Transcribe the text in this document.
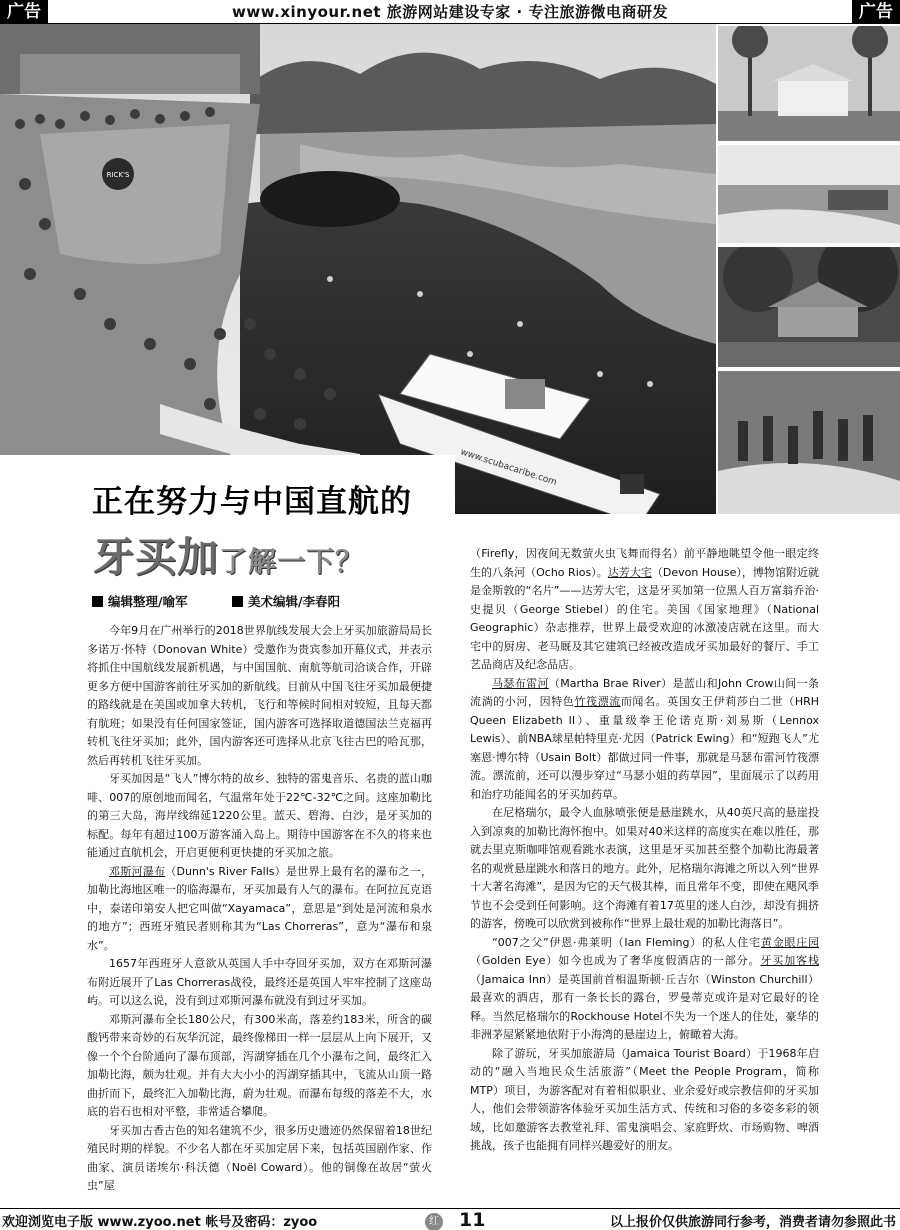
广告	www.xinyour.net 旅游网站建设专家 · 专注旅游微电商研发	广告
RICK'S
www.scubacaribe.com
正在努力与中国直航的
牙买加了解一下？
编辑整理/喻军	美术编辑/李春阳

今年9月在广州举行的2018世界航线发展大会上牙买加旅游局局长多诺万·怀特（Donovan White）受邀作为贵宾参加开幕仪式，并表示将抓住中国航线发展新机遇，与中国国航、南航等航司洽谈合作，开辟更多方便中国游客前往牙买加的新航线。目前从中国飞往牙买加最便捷的路线就是在美国或加拿大转机，飞行和等候时间相对较短，且每天都有航班；如果没有任何国家签证，国内游客可选择取道德国法兰克福再转机飞往牙买加；此外，国内游客还可选择从北京飞往古巴的哈瓦那，然后再转机飞往牙买加。

牙买加因是“飞人”博尔特的故乡、独特的雷鬼音乐、名贵的蓝山咖啡、007的原创地而闻名，气温常年处于22℃-32℃之间。这座加勒比的第三大岛，海岸线绵延1220公里。蓝天、碧海、白沙，是牙买加的标配。每年有超过100万游客涌入岛上。期待中国游客在不久的将来也能通过直航机会，开启更便利更快捷的牙买加之旅。

邓斯河瀑布（Dunn's River Falls）是世界上最有名的瀑布之一，加勒比海地区唯一的临海瀑布，牙买加最有人气的瀑布。在阿拉瓦克语中，泰诺印第安人把它叫做“Xayamaca”，意思是“到处是河流和泉水的地方”；西班牙殖民者则称其为“Las Chorreras”，意为“瀑布和泉水”。

1657年西班牙人意欲从英国人手中夺回牙买加，双方在邓斯河瀑布附近展开了Las Chorreras战役，最终还是英国人牢牢控制了这座岛屿。可以这么说，没有到过邓斯河瀑布就没有到过牙买加。

邓斯河瀑布全长180公尺，有300米高，落差约183米，所含的碳酸钙带来奇妙的石灰华沉淀，最终像梯田一样一层层从上向下展开，又像一个个台阶通向了瀑布顶部，泻湖穿插在几个小瀑布之间，最终汇入加勒比海，颇为壮观。并有大大小小的泻湖穿插其中，飞流从山顶一路曲折而下，最终汇入加勒比海，蔚为壮观。而瀑布每级的落差不大，水底的岩石也相对平整，非常适合攀爬。

牙买加古香古色的知名建筑不少，很多历史遗迹仍然保留着18世纪殖民时期的样貌。不少名人都在牙买加定居下来，包括英国剧作家、作曲家、演员诺埃尔·科沃德（Noël Coward）。他的铜像在故居“萤火虫”屋

（Firefly，因夜间无数萤火虫飞舞而得名）前平静地眺望令他一眼定终生的八条河（Ocho Rios）。达芳大宅（Devon House），博物馆附近就是金斯敦的“名片”——达芳大宅，这是牙买加第一位黑人百万富翁乔治·史提贝（George Stiebel）的住宅。美国《国家地理》（National Geographic）杂志推荐，世界上最受欢迎的冰激凌店就在这里。而大宅中的厨房、老马厩及其它建筑已经被改造成牙买加最好的餐厅、手工艺品商店及纪念品店。

马瑟布雷河（Martha Brae River）是蓝山和John Crow山间一条流淌的小河，因特色竹筏漂流而闻名。英国女王伊莉莎白二世（HRH Queen Elizabeth II）、重量级拳王伦诺克斯·刘易斯（Lennox Lewis）、前NBA球星帕特里克·尤因（Patrick Ewing）和“短跑飞人”尤塞恩·博尔特（Usain Bolt）都做过同一件事，那就是马瑟布雷河竹筏漂流。漂流前，还可以漫步穿过“马瑟小姐的药草园”，里面展示了以药用和治疗功能闻名的牙买加药草。

在尼格瑞尔，最令人血脉喷张便是悬崖跳水，从40英尺高的悬崖投入到凉爽的加勒比海怀抱中。如果对40米这样的高度实在难以胜任，那就去里克斯咖啡馆观看跳水表演，这里是牙买加甚至整个加勒比海最著名的观赏悬崖跳水和落日的地方。此外，尼格瑞尔海滩之所以入列“世界十大著名海滩”，是因为它的天气极其棒，而且常年不变，即使在飓风季节也不会受到任何影响。这个海滩有着17英里的迷人白沙，却没有拥挤的游客，傍晚可以欣赏到被称作“世界上最壮观的加勒比海落日”。

“007之父”伊恩·弗莱明（Ian Fleming）的私人住宅黄金眼庄园（Golden Eye）如今也成为了奢华度假酒店的一部分。牙买加客栈（Jamaica Inn）是英国前首相温斯顿·丘吉尔（Winston Churchill）最喜欢的酒店，那有一条长长的露台，罗曼蒂克或许是对它最好的诠释。当然尼格瑞尔的Rockhouse Hotel不失为一个迷人的住处，豪华的非洲茅屋紧紧地依附于小海湾的悬崖边上，俯瞰着大海。

除了游玩，牙买加旅游局（Jamaica Tourist Board）于1968年启动的“融入当地民众生活旅游”（Meet the People Program，简称MTP）项目，为游客配对有着相似职业、业余爱好或宗教信仰的牙买加人，他们会带领游客体验牙买加生活方式、传统和习俗的多姿多彩的领域，比如邀游客去教堂礼拜、雷鬼演唱会、家庭野炊、市场购物、啤酒挑战，孩子也能拥有同样兴趣爱好的朋友。

欢迎浏览电子版 www.zyoo.net 帐号及密码：zyoo	红 11	以上报价仅供旅游同行参考，消费者请勿参照此书
